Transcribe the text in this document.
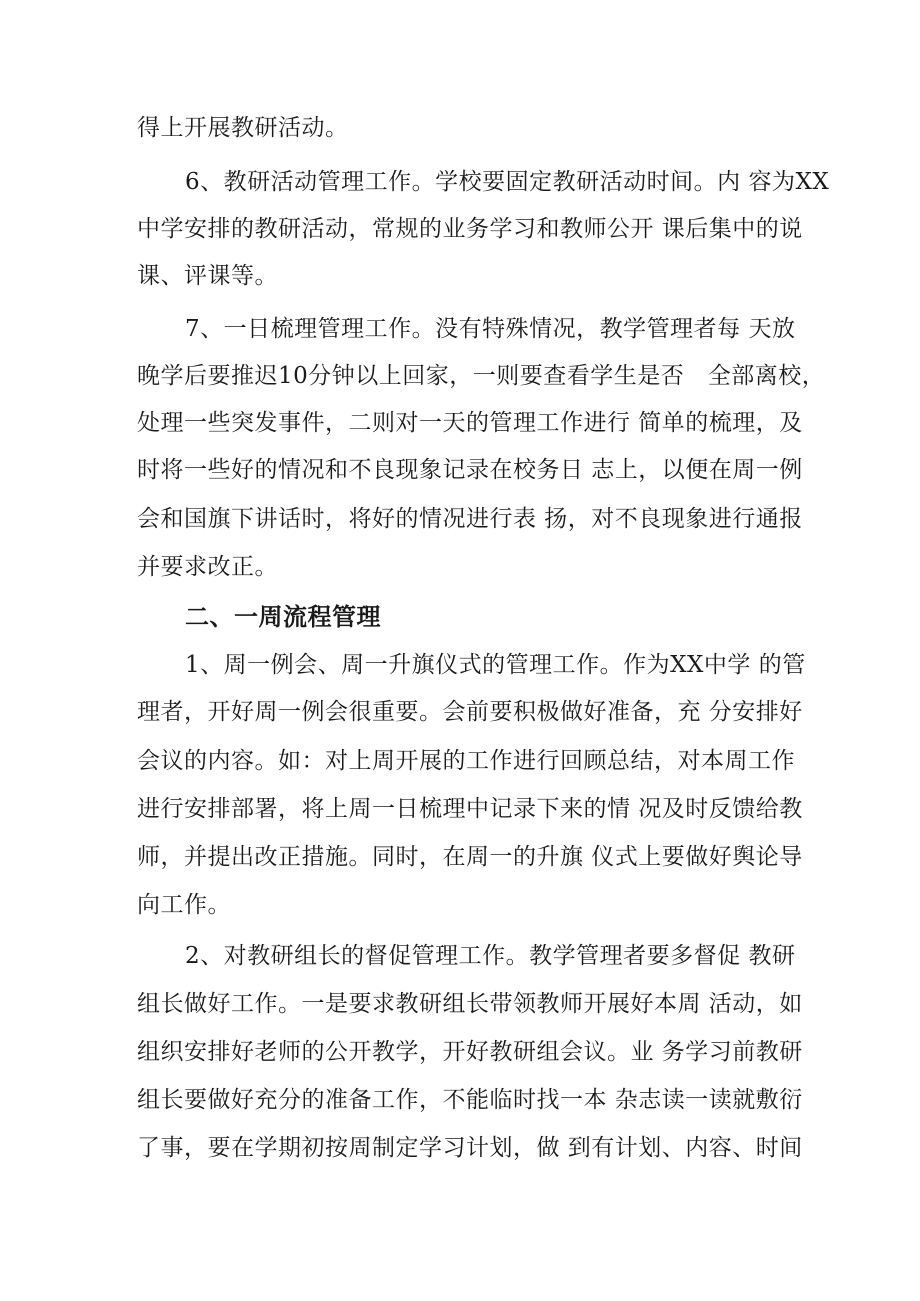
得上开展教研活动。
6、教研活动管理工作。学校要固定教研活动时间。内 容为XX
中学安排的教研活动，常规的业务学习和教师公开 课后集中的说
课、评课等。
7、一日梳理管理工作。没有特殊情况，教学管理者每 天放
晚学后要推迟10分钟以上回家，一则要查看学生是否　全部离校，
处理一些突发事件，二则对一天的管理工作进行 简单的梳理，及
时将一些好的情况和不良现象记录在校务日 志上，以便在周一例
会和国旗下讲话时，将好的情况进行表 扬，对不良现象进行通报
并要求改正。
二、一周流程管理
1、周一例会、周一升旗仪式的管理工作。作为XX中学 的管
理者，开好周一例会很重要。会前要积极做好准备，充 分安排好
会议的内容。如：对上周开展的工作进行回顾总结，对本周工作
进行安排部署，将上周一日梳理中记录下来的情 况及时反馈给教
师，并提出改正措施。同时，在周一的升旗 仪式上要做好舆论导
向工作。
2、对教研组长的督促管理工作。教学管理者要多督促 教研
组长做好工作。一是要求教研组长带领教师开展好本周 活动，如
组织安排好老师的公开教学，开好教研组会议。业 务学习前教研
组长要做好充分的准备工作，不能临时找一本 杂志读一读就敷衍
了事，要在学期初按周制定学习计划，做 到有计划、内容、时间
